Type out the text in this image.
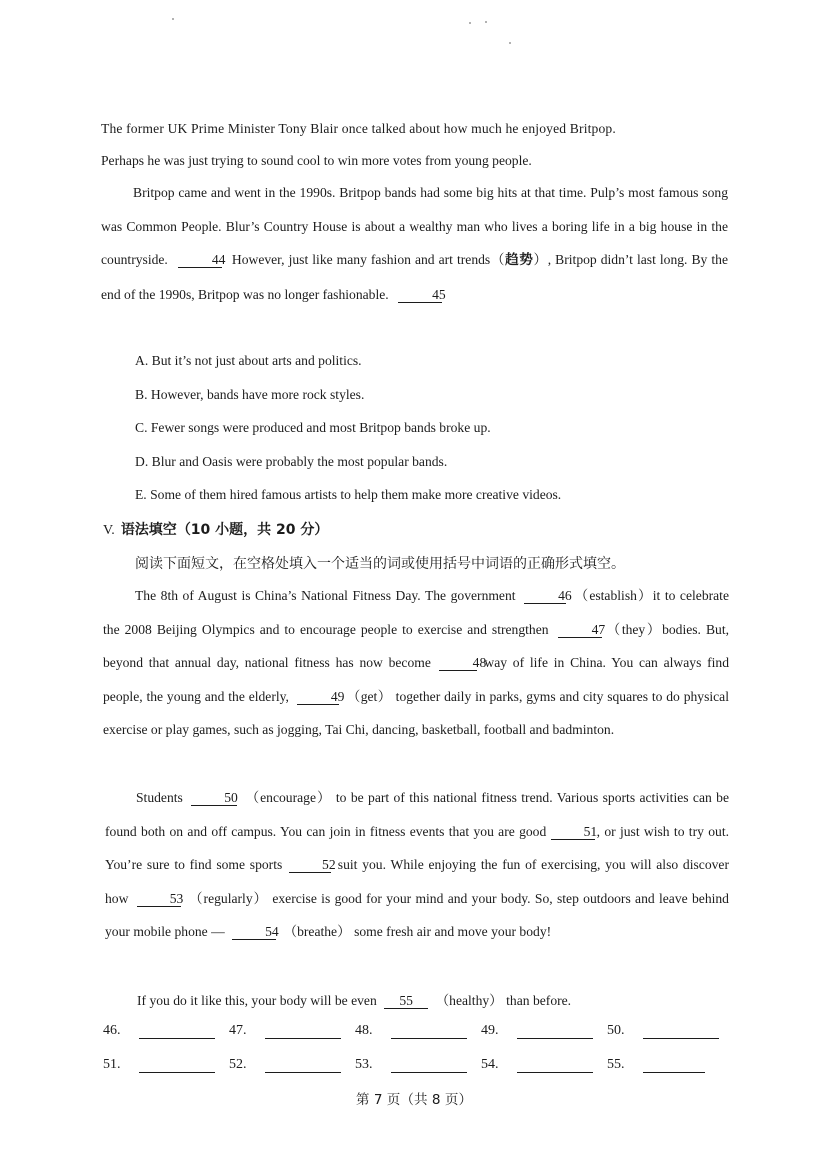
The former UK Prime Minister Tony Blair once talked about how much he enjoyed Britpop.

Perhaps he was just trying to sound cool to win more votes from young people.

Britpop came and went in the 1990s. Britpop bands had some big hits at that time. Pulp’s most famous song was Common People. Blur’s Country House is about a wealthy man who lives a boring life in a big house in the countryside.	44 However, just like many fashion and art trends（趋势）, Britpop didn’t last long. By the end of the 1990s, Britpop was no longer fashionable.	45

A. But it’s not just about arts and politics.

B. However, bands have more rock styles.

C. Fewer songs were produced and most Britpop bands broke up.

D. Blur and Oasis were probably the most popular bands.

E. Some of them hired famous artists to help them make more creative videos.

V. 语法填空（10 小题，共 20 分）

阅读下面短文，在空格处填入一个适当的词或使用括号中词语的正确形式填空。

The 8th of August is China’s National Fitness Day. The government	46 （establish）it to celebrate the 2008 Beijing Olympics and to encourage people to exercise and strengthen	47 （they）bodies. But, beyond that annual day, national fitness has now become	48 way of life in China. You can always find people, the young and the elderly,	49 （get） together daily in parks, gyms and city squares to do physical exercise or play games, such as jogging, Tai Chi, dancing, basketball, football and badminton.
Students	50 （encourage） to be part of this national fitness trend. Various sports activities can be found both on and off campus. You can join in fitness events that you are good	51, or just wish to try out. You’re sure to find some sports	52 suit you. While enjoying the fun of exercising, you will also discover how	53 （regularly） exercise is good for your mind and your body. So, step outdoors and leave behind your mobile phone —	54 （breathe） some fresh air and move your body!

If you do it like this, your body will be even 55 （healthy） than before.

46.	47.	48.	49.	50.
51.	52.	53.	54.	55.

第 7 页（共 8 页）
